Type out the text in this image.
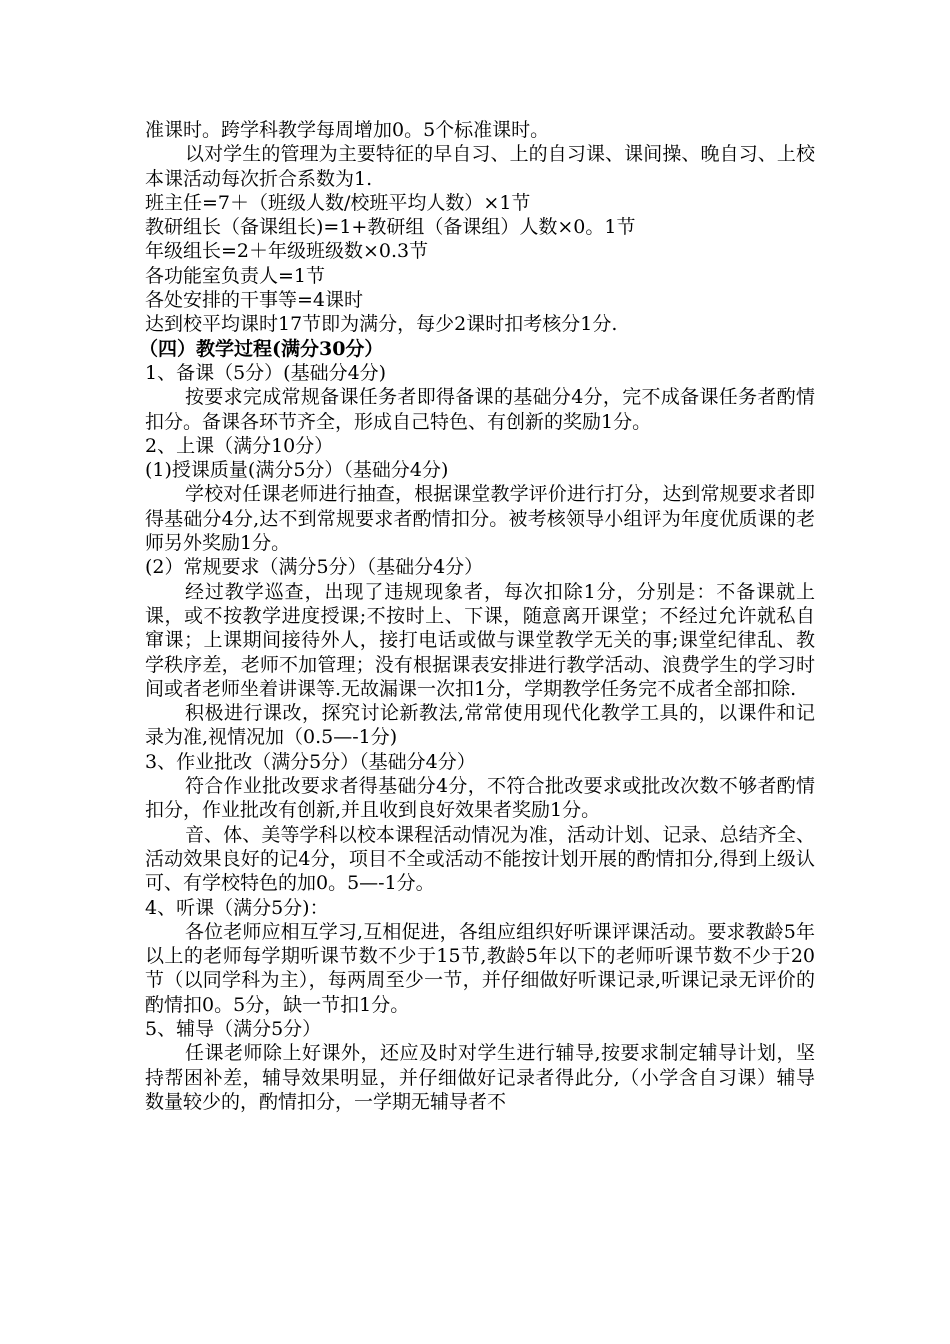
准课时。跨学科教学每周增加0。5个标准课时。

以对学生的管理为主要特征的早自习、上的自习课、课间操、晚自习、上校本课活动每次折合系数为1.

班主任=7＋（班级人数/校班平均人数）×1节

教研组长（备课组长)=1+教研组（备课组）人数×0。1节

年级组长=2＋年级班级数×0.3节

各功能室负责人=1节

各处安排的干事等=4课时

达到校平均课时17节即为满分，每少2课时扣考核分1分.

（四）教学过程(满分30分）

1、备课（5分）(基础分4分)

按要求完成常规备课任务者即得备课的基础分4分，完不成备课任务者酌情扣分。备课各环节齐全，形成自己特色、有创新的奖励1分。

2、上课（满分10分）

(1)授课质量(满分5分）（基础分4分)

学校对任课老师进行抽查，根据课堂教学评价进行打分，达到常规要求者即得基础分4分,达不到常规要求者酌情扣分。被考核领导小组评为年度优质课的老师另外奖励1分。

(2）常规要求（满分5分）（基础分4分）

经过教学巡查，出现了违规现象者，每次扣除1分，分别是：不备课就上课，或不按教学进度授课;不按时上、下课，随意离开课堂；不经过允许就私自窜课；上课期间接待外人，接打电话或做与课堂教学无关的事;课堂纪律乱、教学秩序差，老师不加管理；没有根据课表安排进行教学活动、浪费学生的学习时间或者老师坐着讲课等.无故漏课一次扣1分，学期教学任务完不成者全部扣除.

积极进行课改，探究讨论新教法,常常使用现代化教学工具的，以课件和记录为准,视情况加（0.5—-1分)

3、作业批改（满分5分）（基础分4分）

符合作业批改要求者得基础分4分，不符合批改要求或批改次数不够者酌情扣分，作业批改有创新,并且收到良好效果者奖励1分。

音、体、美等学科以校本课程活动情况为准，活动计划、记录、总结齐全、活动效果良好的记4分，项目不全或活动不能按计划开展的酌情扣分,得到上级认可、有学校特色的加0。5—-1分。

4、听课（满分5分)：

各位老师应相互学习,互相促进，各组应组织好听课评课活动。要求教龄5年以上的老师每学期听课节数不少于15节,教龄5年以下的老师听课节数不少于20节（以同学科为主），每两周至少一节，并仔细做好听课记录,听课记录无评价的酌情扣0。5分，缺一节扣1分。

5、辅导（满分5分）

任课老师除上好课外，还应及时对学生进行辅导,按要求制定辅导计划，坚持帮困补差，辅导效果明显，并仔细做好记录者得此分,（小学含自习课）辅导数量较少的，酌情扣分，一学期无辅导者不
